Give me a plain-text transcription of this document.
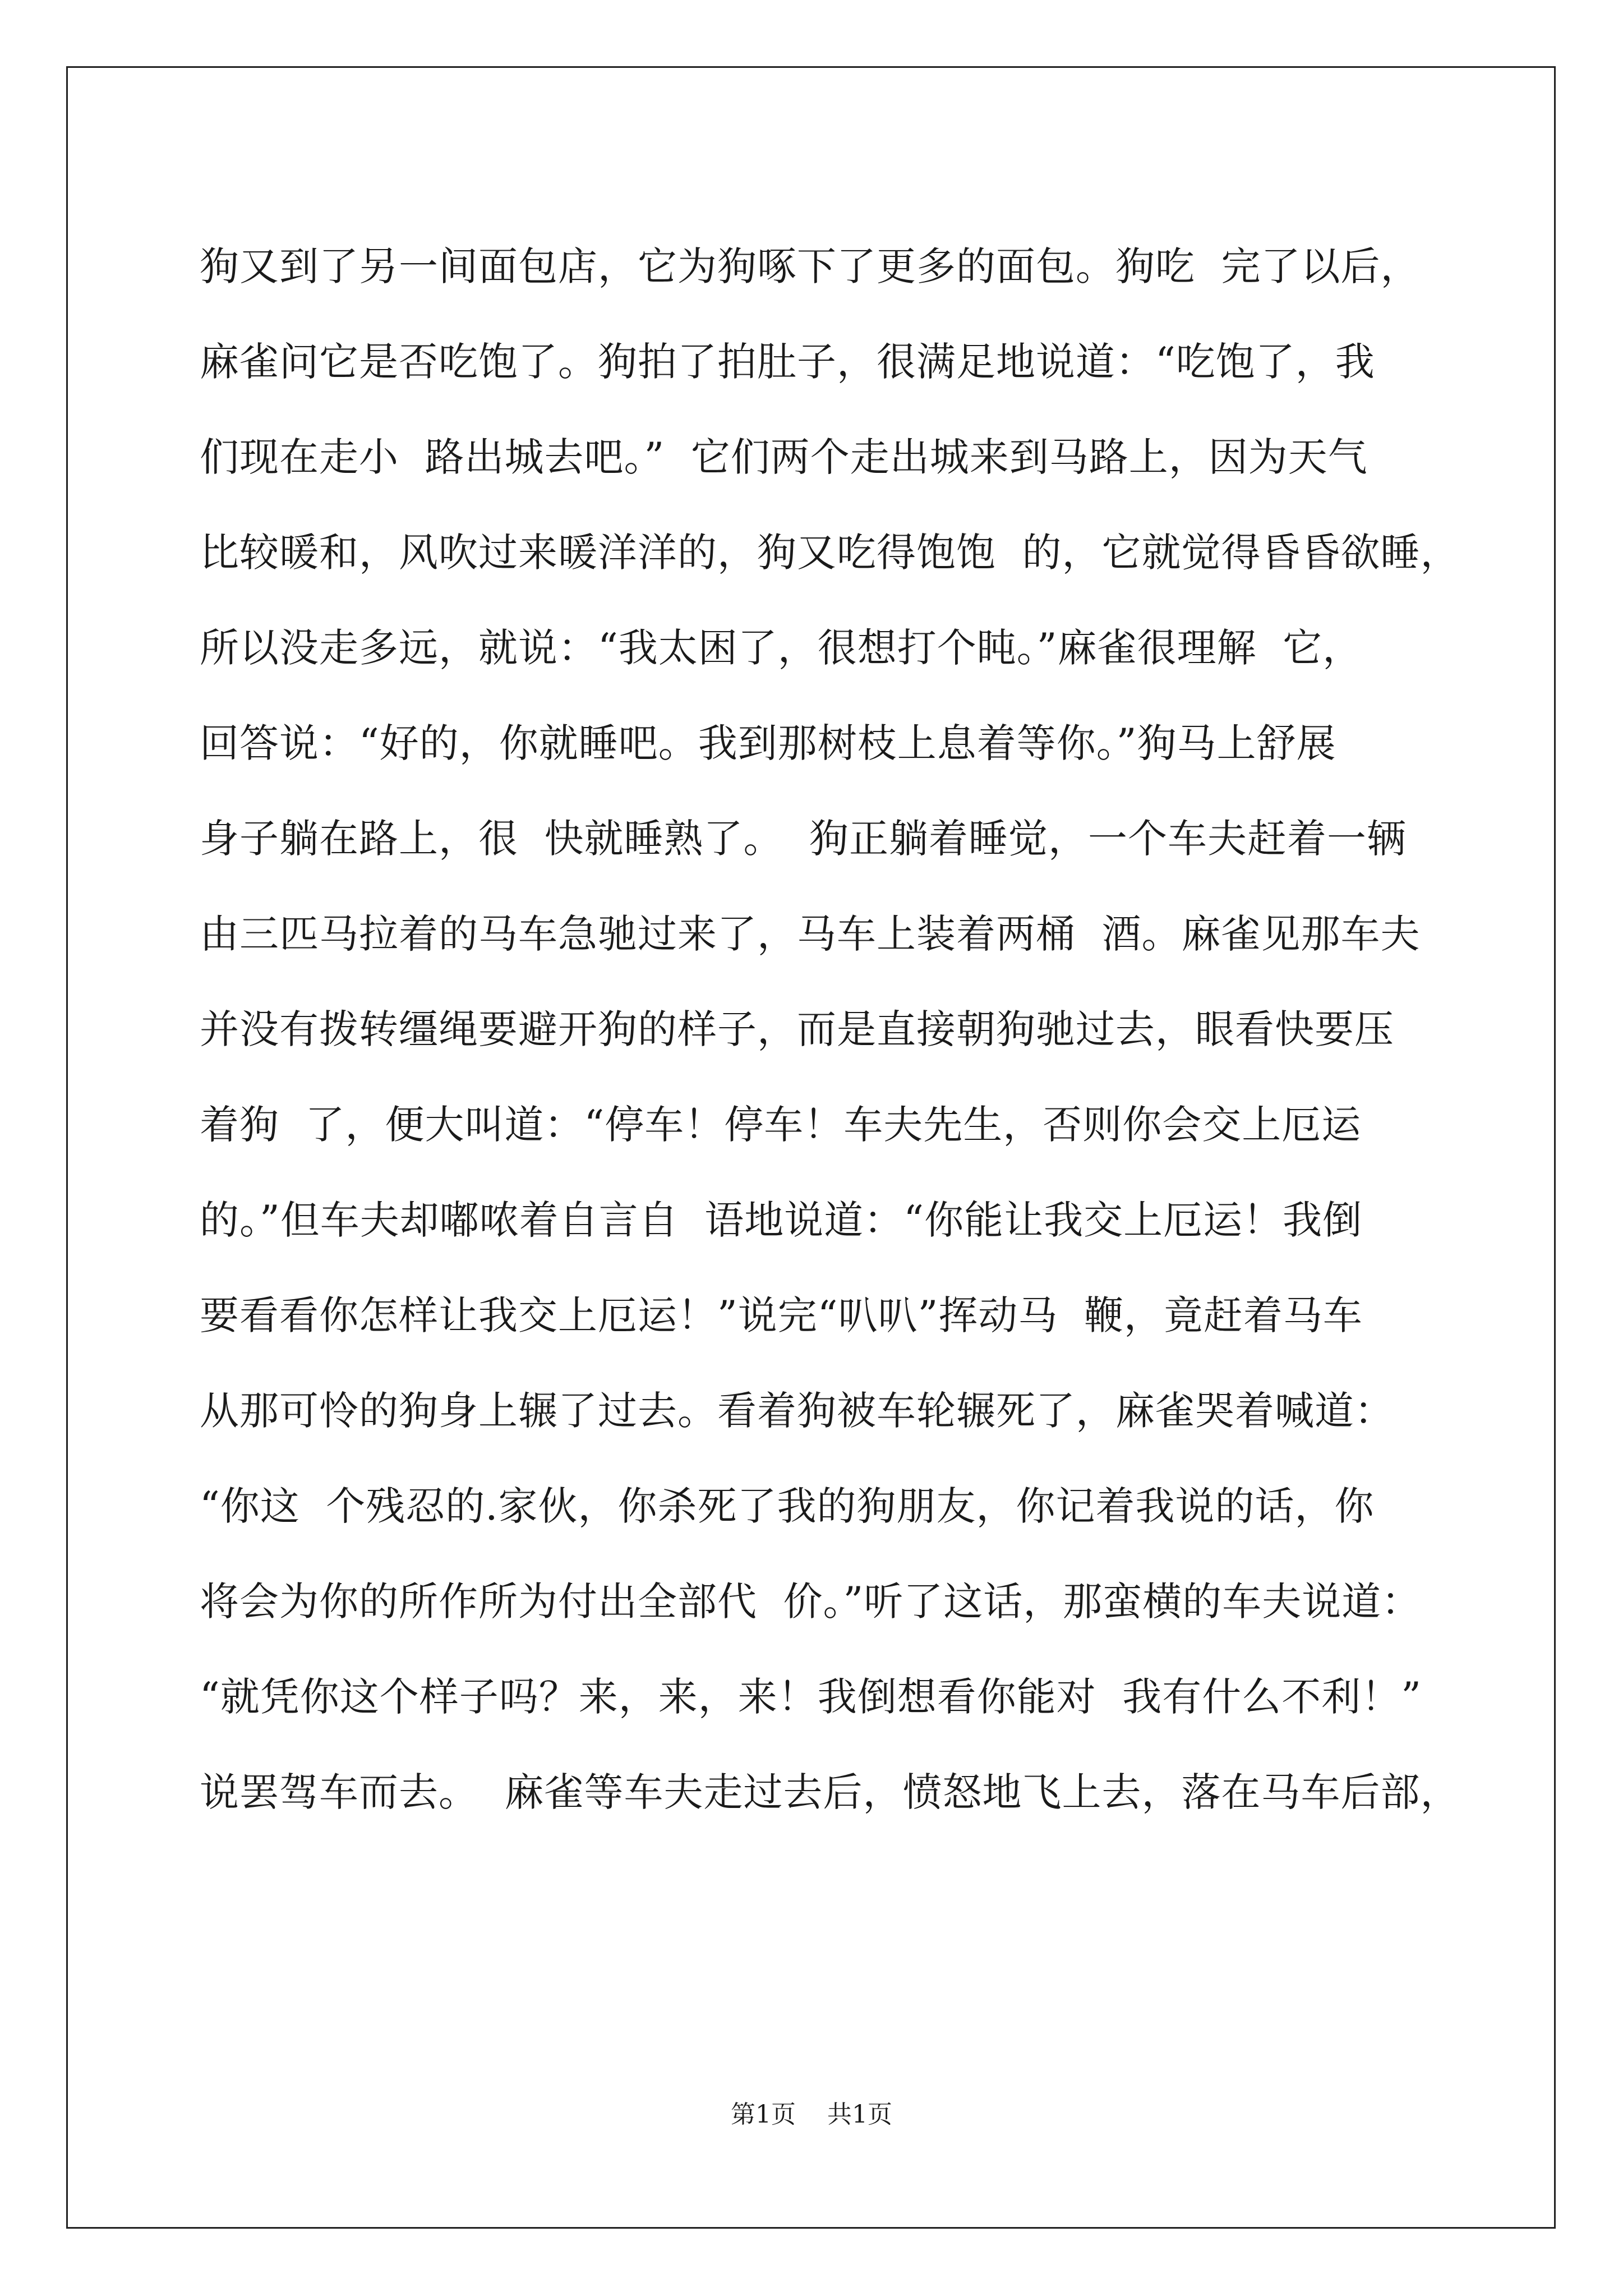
狗又到了另一间面包店，它为狗啄下了更多的面包。狗吃  完了以后，
麻雀问它是否吃饱了。狗拍了拍肚子，很满足地说道：“吃饱了，我
们现在走小  路出城去吧。”  它们两个走出城来到马路上，因为天气
比较暖和，风吹过来暖洋洋的，狗又吃得饱饱  的，它就觉得昏昏欲睡，
所以没走多远，就说：“我太困了，很想打个盹。”麻雀很理解  它，
回答说：“好的，你就睡吧。我到那树枝上息着等你。”狗马上舒展
身子躺在路上，很  快就睡熟了。  狗正躺着睡觉，一个车夫赶着一辆
由三匹马拉着的马车急驰过来了，马车上装着两桶  酒。麻雀见那车夫
并没有拨转缰绳要避开狗的样子，而是直接朝狗驰过去，眼看快要压
着狗  了，便大叫道：“停车！停车！车夫先生，否则你会交上厄运
的。”但车夫却嘟哝着自言自  语地说道：“你能让我交上厄运！我倒
要看看你怎样让我交上厄运！”说完“叭叭”挥动马  鞭，竟赶着马车
从那可怜的狗身上辗了过去。看着狗被车轮辗死了，麻雀哭着喊道：
“你这  个残忍的.家伙，你杀死了我的狗朋友，你记着我说的话，你
将会为你的所作所为付出全部代  价。”听了这话，那蛮横的车夫说道：
“就凭你这个样子吗？来，来，来！我倒想看你能对  我有什么不利！”
说罢驾车而去。  麻雀等车夫走过去后，愤怒地飞上去，落在马车后部，
第1页    共1页
